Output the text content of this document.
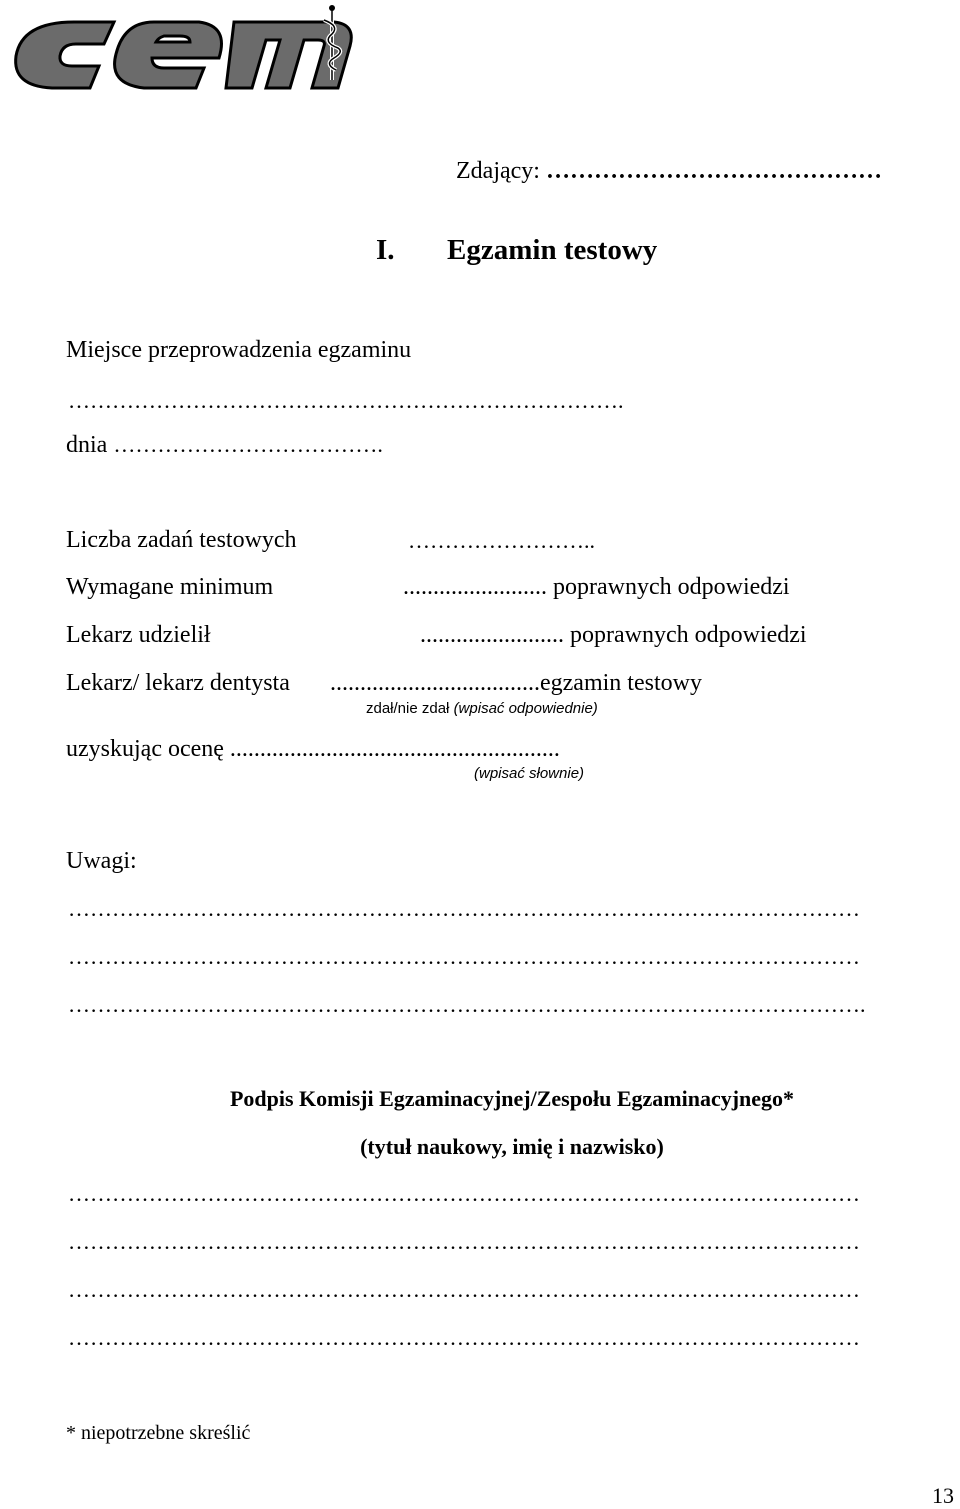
Zdający: ……………………………………
I. Egzamin testowy
Miejsce przeprowadzenia egzaminu
………………………………………………………………….
dnia ……………………………….
Liczba zadań testowych	……………………..
Wymagane minimum	........................ poprawnych odpowiedzi
Lekarz udzielił	........................ poprawnych odpowiedzi
Lekarz/ lekarz dentysta ...................................egzamin testowy
zdał/nie zdał (wpisać odpowiednie)
uzyskując ocenę .......................................................
(wpisać słownie)
Uwagi:
………………………………………………………………………………………………
………………………………………………………………………………………………
……………………………………………………………………………………………….
Podpis Komisji Egzaminacyjnej/Zespołu Egzaminacyjnego*
(tytuł naukowy, imię i nazwisko)
………………………………………………………………………………………………
………………………………………………………………………………………………
………………………………………………………………………………………………
………………………………………………………………………………………………
* niepotrzebne skreślić
13
